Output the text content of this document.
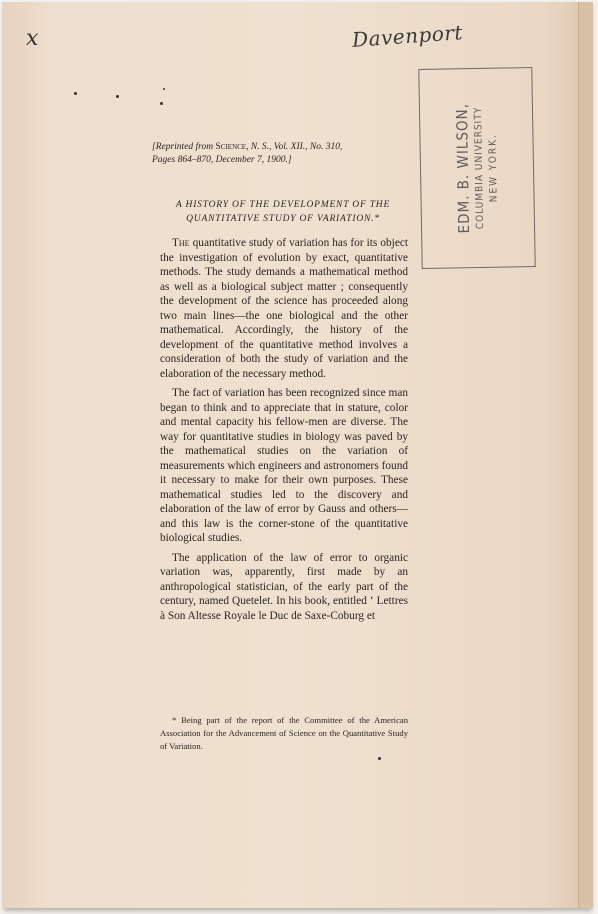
x	Davenport
EDM. B. WILSON, COLUMBIA UNIVERSITY NEW YORK.
[Reprinted from Science, N. S., Vol. XII., No. 310,
Pages 864–870, December 7, 1900.]
A HISTORY OF THE DEVELOPMENT OF THE QUANTITATIVE STUDY OF VARIATION.*

The quantitative study of variation has for its object the investigation of evolution by exact, quantitative methods. The study demands a mathematical method as well as a biological subject matter ; consequently the development of the science has proceeded along two main lines—the one biological and the other mathematical. Accordingly, the history of the development of the quantitative method involves a consideration of both the study of variation and the elaboration of the necessary method.

The fact of variation has been recognized since man began to think and to appreciate that in stature, color and mental capacity his fellow-men are diverse. The way for quantitative studies in biology was paved by the mathematical studies on the variation of measurements which engineers and astronomers found it necessary to make for their own purposes. These mathematical studies led to the discovery and elaboration of the law of error by Gauss and others—and this law is the corner-stone of the quantitative biological studies.

The application of the law of error to organic variation was, apparently, first made by an anthropological statistician, of the early part of the century, named Quetelet. In his book, entitled ‘ Lettres à Son Altesse Royale le Duc de Saxe-Coburg et

* Being part of the report of the Committee of the American Association for the Advancement of Science on the Quantitative Study of Variation.
